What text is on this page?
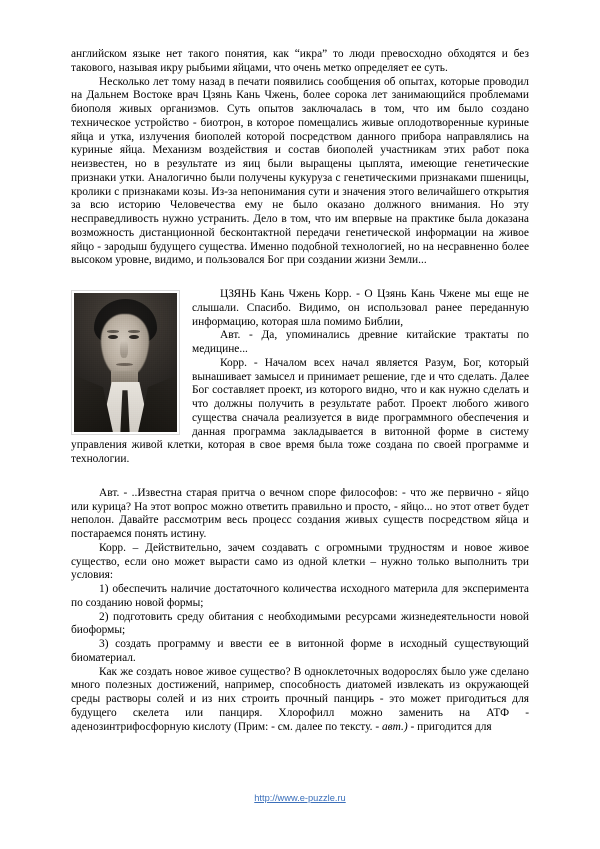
английском языке нет такого понятия, как “икра” то люди превосходно обходятся и без такового, называя икру рыбьими яйцами, что очень метко определяет ее суть.

Несколько лет тому назад в печати появились сообщения об опытах, которые проводил на Дальнем Востоке врач Цзянь Кань Чжень, более сорока лет занимающийся проблемами биополя живых организмов. Суть опытов заключалась в том, что им было создано техническое устройство - биотрон, в которое помещались живые оплодотворенные куриные яйца и утка, излучения биополей которой посредством данного прибора направлялись на куриные яйца. Механизм воздействия и состав биополей участникам этих работ пока неизвестен, но в результате из яиц были выращены цыплята, имеющие генетические признаки утки. Аналогично были получены кукуруза с генетическими признаками пшеницы, кролики с признаками козы. Из-за непонимания сути и значения этого величайшего открытия за всю историю Человечества ему не было оказано должного внимания. Но эту несправедливость нужно устранить. Дело в том, что им впервые на практике была доказана возможность дистанционной бесконтактной передачи генетической информации на живое яйцо - зародыш будущего существа. Именно подобной технологией, но на несравненно более высоком уровне, видимо, и пользовался Бог при создании жизни Земли...

ЦЗЯНЬ Кань Чжень Корр. - О Цзянь Кань Чжене мы еще не слышали. Спасибо. Видимо, он использовал ранее переданную информацию, которая шла помимо Библии,

Авт. - Да, упоминались древние китайские трактаты по медицине...

Корр. - Началом всех начал является Разум, Бог, который вынашивает замысел и принимает решение, где и что сделать. Далее Бог составляет проект, из которого видно, что и как нужно сделать и что должны получить в результате работ. Проект любого живого существа сначала реализуется в виде программного обеспечения и данная программа закладывается в витонной форме в систему управления живой клетки, которая в свое время была тоже создана по своей программе и технологии.

Авт. - ..Известна старая притча о вечном споре философов: - что же первично - яйцо или курица? На этот вопрос можно ответить правильно и просто, - яйцо... но этот ответ будет неполон. Давайте рассмотрим весь процесс создания живых существ посредством яйца и постараемся понять истину.

Корр. – Действительно, зачем создавать с огромными трудностям и новое живое существо, если оно может вырасти само из одной клетки – нужно только выполнить три условия:

1) обеспечить наличие достаточного количества исходного материла для эксперимента по созданию новой формы;

2) подготовить среду обитания с необходимыми ресурсами жизнедеятельности новой биоформы;

3) создать программу и ввести ее в витонной форме в исходный существующий биоматериал.

Как же создать новое живое существо? В одноклеточных водорослях было уже сделано много полезных достижений, например, способность диатомей извлекать из окружающей среды растворы солей и из них строить прочный панцирь - это может пригодиться для будущего скелета или панциря. Хлорофилл можно заменить на АТФ - аденозинтрифосфорную кислоту (Прим: - см. далее по тексту. - авт.) - пригодится для

http://www.e-puzzle.ru
